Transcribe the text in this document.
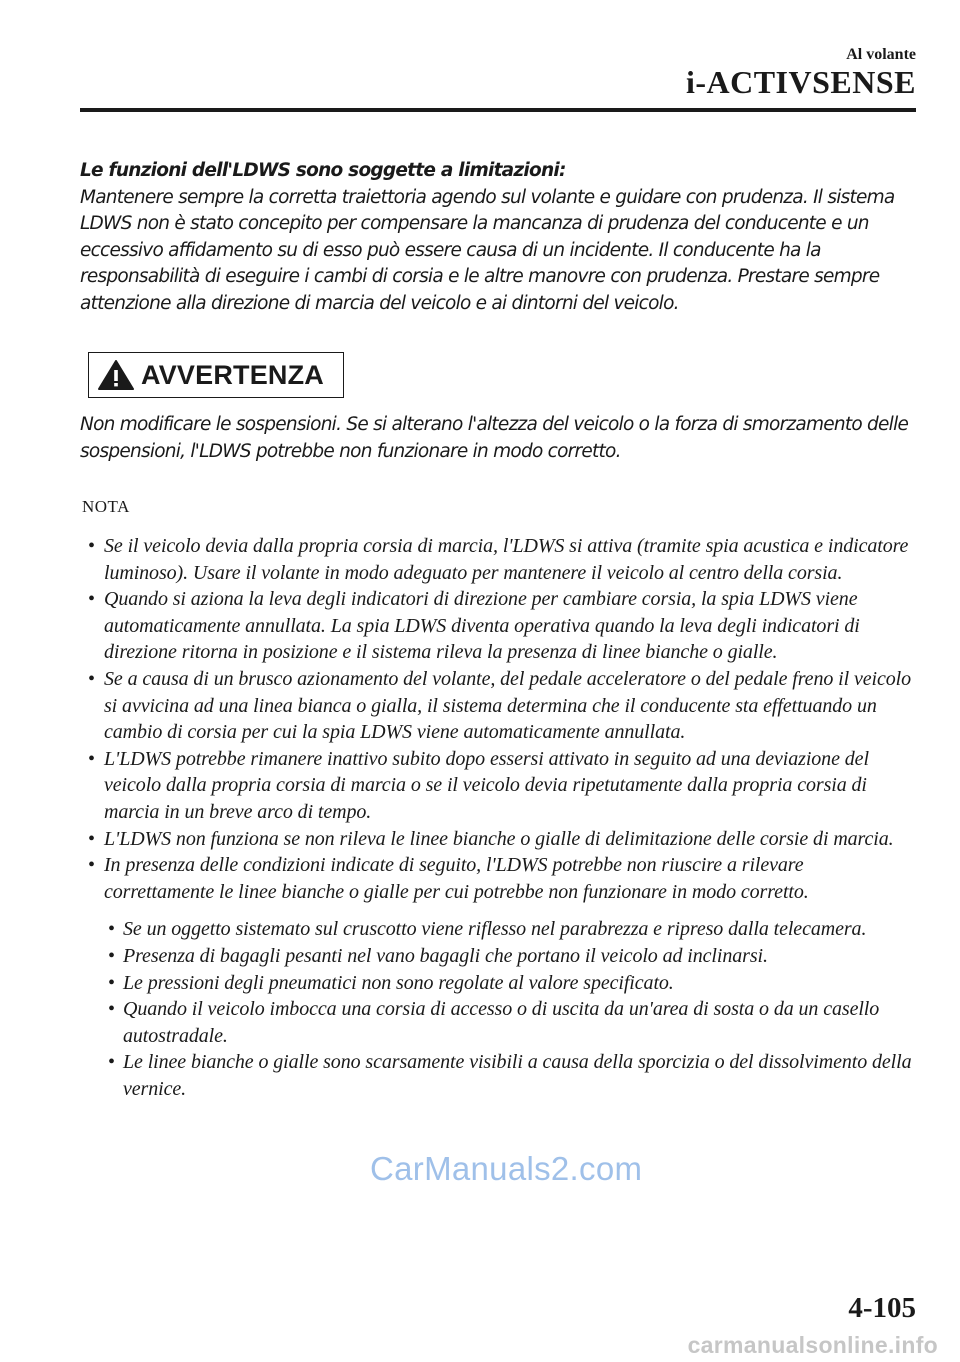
Al volante
i-ACTIVSENSE
Le funzioni dell'LDWS sono soggette a limitazioni:
Mantenere sempre la corretta traiettoria agendo sul volante e guidare con prudenza. Il sistema LDWS non è stato concepito per compensare la mancanza di prudenza del conducente e un eccessivo affidamento su di esso può essere causa di un incidente. Il conducente ha la responsabilità di eseguire i cambi di corsia e le altre manovre con prudenza. Prestare sempre attenzione alla direzione di marcia del veicolo e ai dintorni del veicolo.
AVVERTENZA
Non modificare le sospensioni. Se si alterano l'altezza del veicolo o la forza di smorzamento delle sospensioni, l'LDWS potrebbe non funzionare in modo corretto.
NOTA
• Se il veicolo devia dalla propria corsia di marcia, l'LDWS si attiva (tramite spia acustica e indicatore luminoso). Usare il volante in modo adeguato per mantenere il veicolo al centro della corsia.
• Quando si aziona la leva degli indicatori di direzione per cambiare corsia, la spia LDWS viene automaticamente annullata. La spia LDWS diventa operativa quando la leva degli indicatori di direzione ritorna in posizione e il sistema rileva la presenza di linee bianche o gialle.
• Se a causa di un brusco azionamento del volante, del pedale acceleratore o del pedale freno il veicolo si avvicina ad una linea bianca o gialla, il sistema determina che il conducente sta effettuando un cambio di corsia per cui la spia LDWS viene automaticamente annullata.
• L'LDWS potrebbe rimanere inattivo subito dopo essersi attivato in seguito ad una deviazione del veicolo dalla propria corsia di marcia o se il veicolo devia ripetutamente dalla propria corsia di marcia in un breve arco di tempo.
• L'LDWS non funziona se non rileva le linee bianche o gialle di delimitazione delle corsie di marcia.
• In presenza delle condizioni indicate di seguito, l'LDWS potrebbe non riuscire a rilevare correttamente le linee bianche o gialle per cui potrebbe non funzionare in modo corretto.
• Se un oggetto sistemato sul cruscotto viene riflesso nel parabrezza e ripreso dalla telecamera.
• Presenza di bagagli pesanti nel vano bagagli che portano il veicolo ad inclinarsi.
• Le pressioni degli pneumatici non sono regolate al valore specificato.
• Quando il veicolo imbocca una corsia di accesso o di uscita da un'area di sosta o da un casello autostradale.
• Le linee bianche o gialle sono scarsamente visibili a causa della sporcizia o del dissolvimento della vernice.
CarManuals2.com
4-105
carmanualsonline.info
